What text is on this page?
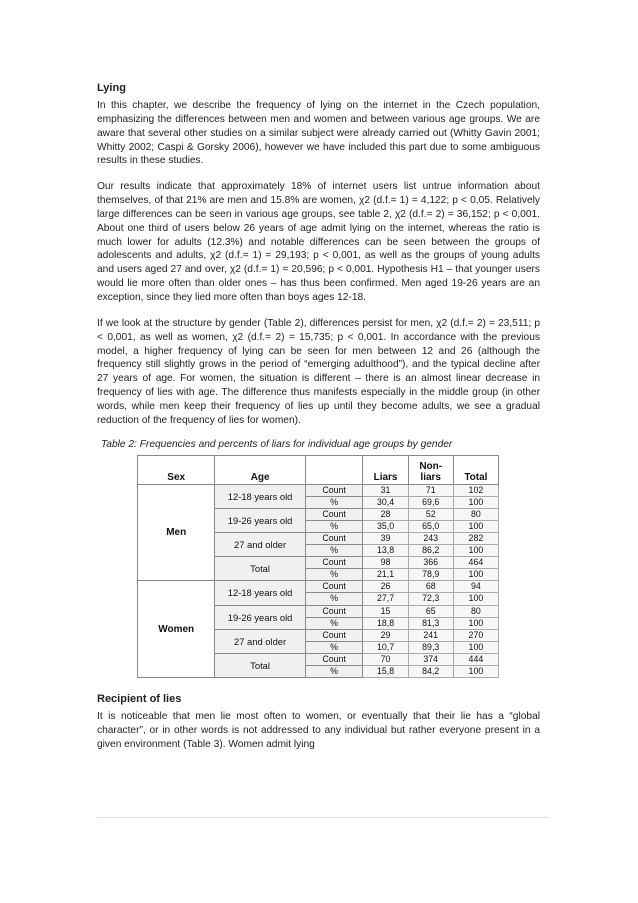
Lying

In this chapter, we describe the frequency of lying on the internet in the Czech population, emphasizing the differences between men and women and between various age groups. We are aware that several other studies on a similar subject were already carried out (Whitty Gavin 2001; Whitty 2002; Caspi & Gorsky 2006), however we have included this part due to some ambiguous results in these studies.

Our results indicate that approximately 18% of internet users list untrue information about themselves, of that 21% are men and 15.8% are women, χ2 (d.f.= 1) = 4,122; p < 0,05. Relatively large differences can be seen in various age groups, see table 2, χ2 (d.f.= 2) = 36,152; p < 0,001. About one third of users below 26 years of age admit lying on the internet, whereas the ratio is much lower for adults (12.3%) and notable differences can be seen between the groups of adolescents and adults, χ2 (d.f.= 1) = 29,193; p < 0,001, as well as the groups of young adults and users aged 27 and over, χ2 (d.f.= 1) = 20,596; p < 0,001. Hypothesis H1 – that younger users would lie more often than older ones – has thus been confirmed. Men aged 19-26 years are an exception, since they lied more often than boys ages 12-18.

If we look at the structure by gender (Table 2), differences persist for men, χ2 (d.f.= 2) = 23,511; p < 0,001, as well as women, χ2 (d.f.= 2) = 15,735; p < 0,001. In accordance with the previous model, a higher frequency of lying can be seen for men between 12 and 26 (although the frequency still slightly grows in the period of “emerging adulthood”), and the typical decline after 27 years of age. For women, the situation is different – there is an almost linear decrease in frequency of lies with age. The difference thus manifests especially in the middle group (in other words, while men keep their frequency of lies up until they become adults, we see a gradual reduction of the frequency of lies for women).

Table 2: Frequencies and percents of liars for individual age groups by gender
Sex	Age		Liars	Non-
liars	Total
Men	12-18 years old	Count	31	71	102
		%	30,4	69,6	100
	19-26 years old	Count	28	52	80
		%	35,0	65,0	100
	27 and older	Count	39	243	282
		%	13,8	86,2	100
	Total	Count	98	366	464
		%	21,1	78,9	100
Women	12-18 years old	Count	26	68	94
		%	27,7	72,3	100
	19-26 years old	Count	15	65	80
		%	18,8	81,3	100
	27 and older	Count	29	241	270
		%	10,7	89,3	100
	Total	Count	70	374	444
		%	15,8	84,2	100
Recipient of lies

It is noticeable that men lie most often to women, or eventually that their lie has a “global character”, or in other words is not addressed to any individual but rather everyone present in a given environment (Table 3). Women admit lying
